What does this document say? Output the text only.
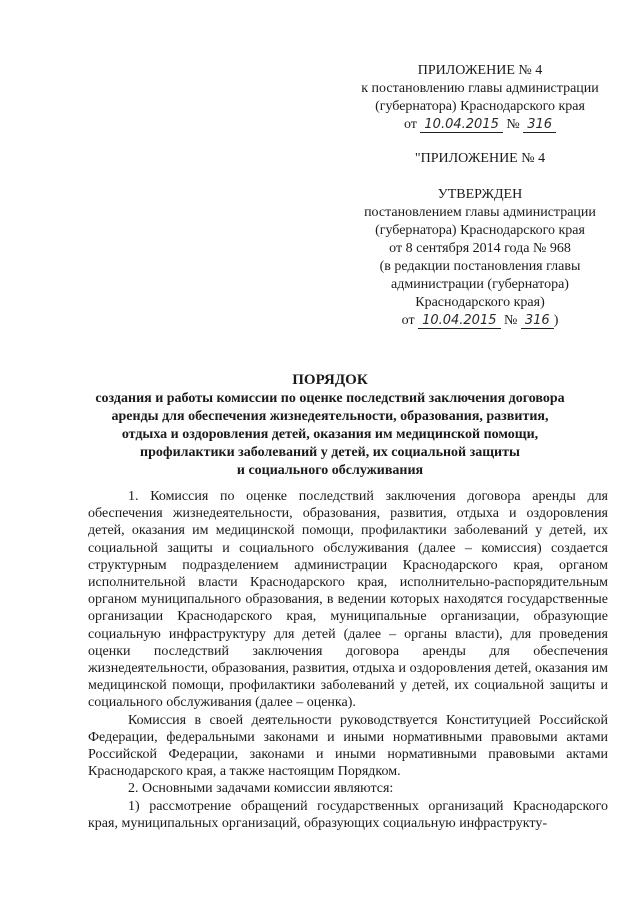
ПРИЛОЖЕНИЕ № 4
к постановлению главы администрации
(губернатора) Краснодарского края
от 10.04.2015 № 316
"ПРИЛОЖЕНИЕ № 4
УТВЕРЖДЕН
постановлением главы администрации
(губернатора) Краснодарского края
от 8 сентября 2014 года № 968
(в редакции постановления главы
администрации (губернатора)
Краснодарского края)
от 10.04.2015 № 316 )
ПОРЯДОК
создания и работы комиссии по оценке последствий заключения договора
аренды для обеспечения жизнедеятельности, образования, развития,
отдыха и оздоровления детей, оказания им медицинской помощи,
профилактики заболеваний у детей, их социальной защиты
и социального обслуживания

1. Комиссия по оценке последствий заключения договора аренды для обеспечения жизнедеятельности, образования, развития, отдыха и оздоровления детей, оказания им медицинской помощи, профилактики заболеваний у детей, их социальной защиты и социального обслуживания (далее – комиссия) создается структурным подразделением администрации Краснодарского края, органом исполнительной власти Краснодарского края, исполнительно-распорядительным органом муниципального образования, в ведении которых находятся государственные организации Краснодарского края, муниципальные организации, образующие социальную инфраструктуру для детей (далее – органы власти), для проведения оценки последствий заключения договора аренды для обеспечения жизнедеятельности, образования, развития, отдыха и оздоровления детей, оказания им медицинской помощи, профилактики заболеваний у детей, их социальной защиты и социального обслуживания (далее – оценка).

Комиссия в своей деятельности руководствуется Конституцией Российской Федерации, федеральными законами и иными нормативными правовыми актами Российской Федерации, законами и иными нормативными правовыми актами Краснодарского края, а также настоящим Порядком.

2. Основными задачами комиссии являются:

1) рассмотрение обращений государственных организаций Краснодарского края, муниципальных организаций, образующих социальную инфраструкту-
